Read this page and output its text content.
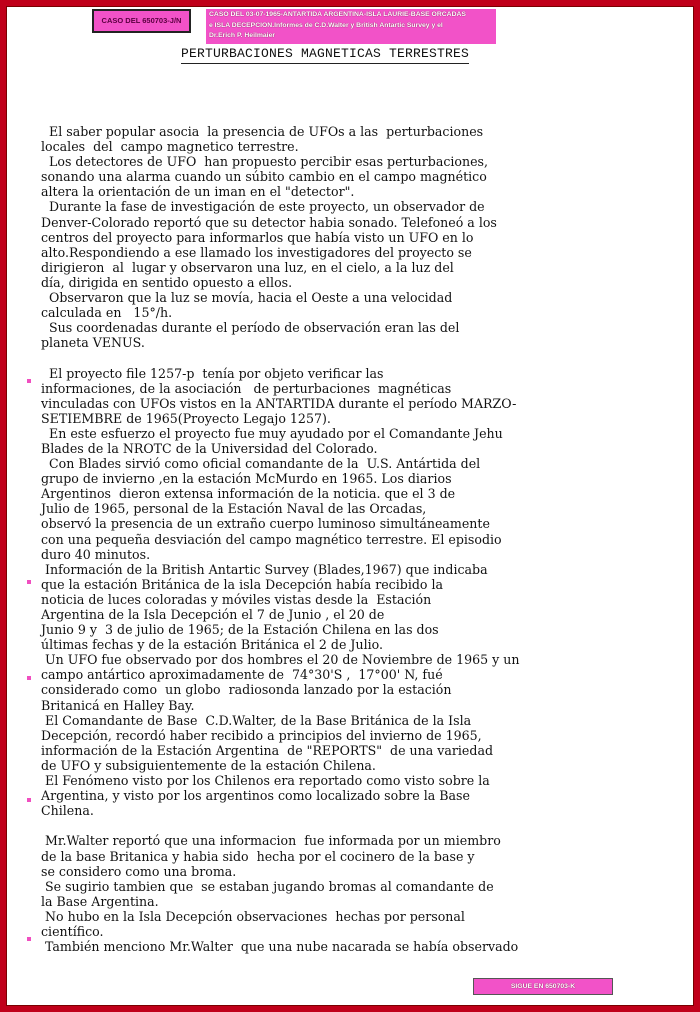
CASO DEL 650703-J/N
CASO DEL 03-07-1965-ANTARTIDA ARGENTINA-ISLA LAURIE-BASE ORCADAS
e ISLA DECEPCION.Informes de C.D.Walter y British Antartic Survey y el
Dr.Erich P. Heilmaier
PERTURBACIONES MAGNETICAS TERRESTRES
El saber popular asocia  la presencia de UFOs a las  perturbaciones
locales  del  campo magnetico terrestre.
Los detectores de UFO  han propuesto percibir esas perturbaciones,
sonando una alarma cuando un súbito cambio en el campo magnético
altera la orientación de un iman en el "detector".
Durante la fase de investigación de este proyecto, un observador de
Denver-Colorado reportó que su detector habia sonado. Telefoneó a los
centros del proyecto para informarlos que había visto un UFO en lo
alto.Respondiendo a ese llamado los investigadores del proyecto se
dirigieron  al  lugar y observaron una luz, en el cielo, a la luz del
día, dirigida en sentido opuesto a ellos.
Observaron que la luz se movía, hacia el Oeste a una velocidad
calculada en   15°/h.
Sus coordenadas durante el período de observación eran las del
planeta VENUS.
El proyecto file 1257-p  tenía por objeto verificar las
informaciones, de la asociación   de perturbaciones  magnéticas
vinculadas con UFOs vistos en la ANTARTIDA durante el período MARZO-
SETIEMBRE de 1965(Proyecto Legajo 1257).
En este esfuerzo el proyecto fue muy ayudado por el Comandante Jehu
Blades de la NROTC de la Universidad del Colorado.
Con Blades sirvió como oficial comandante de la  U.S. Antártida del
grupo de invierno ,en la estación McMurdo en 1965. Los diarios
Argentinos  dieron extensa información de la noticia. que el 3 de
Julio de 1965, personal de la Estación Naval de las Orcadas,
observó la presencia de un extraño cuerpo luminoso simultáneamente
con una pequeña desviación del campo magnético terrestre. El episodio
duro 40 minutos.
Información de la British Antartic Survey (Blades,1967) que indicaba
que la estación Británica de la isla Decepción había recibido la
noticia de luces coloradas y móviles vistas desde la  Estación
Argentina de la Isla Decepción el 7 de Junio , el 20 de
Junio 9 y  3 de julio de 1965; de la Estación Chilena en las dos
últimas fechas y de la estación Británica el 2 de Julio.
Un UFO fue observado por dos hombres el 20 de Noviembre de 1965 y un
campo antártico aproximadamente de  74°30'S ,  17°00' N, fué
considerado como  un globo  radiosonda lanzado por la estación
Britanicá en Halley Bay.
El Comandante de Base  C.D.Walter, de la Base Británica de la Isla
Decepción, recordó haber recibido a principios del invierno de 1965,
información de la Estación Argentina  de "REPORTS"  de una variedad
de UFO y subsiguientemente de la estación Chilena.
El Fenómeno visto por los Chilenos era reportado como visto sobre la
Argentina, y visto por los argentinos como localizado sobre la Base
Chilena.
Mr.Walter reportó que una informacion  fue informada por un miembro
de la base Britanica y habia sido  hecha por el cocinero de la base y
se considero como una broma.
Se sugirio tambien que  se estaban jugando bromas al comandante de
la Base Argentina.
No hubo en la Isla Decepción observaciones  hechas por personal
científico.
También menciono Mr.Walter  que una nube nacarada se había observado
SIGUE EN 650703-K
